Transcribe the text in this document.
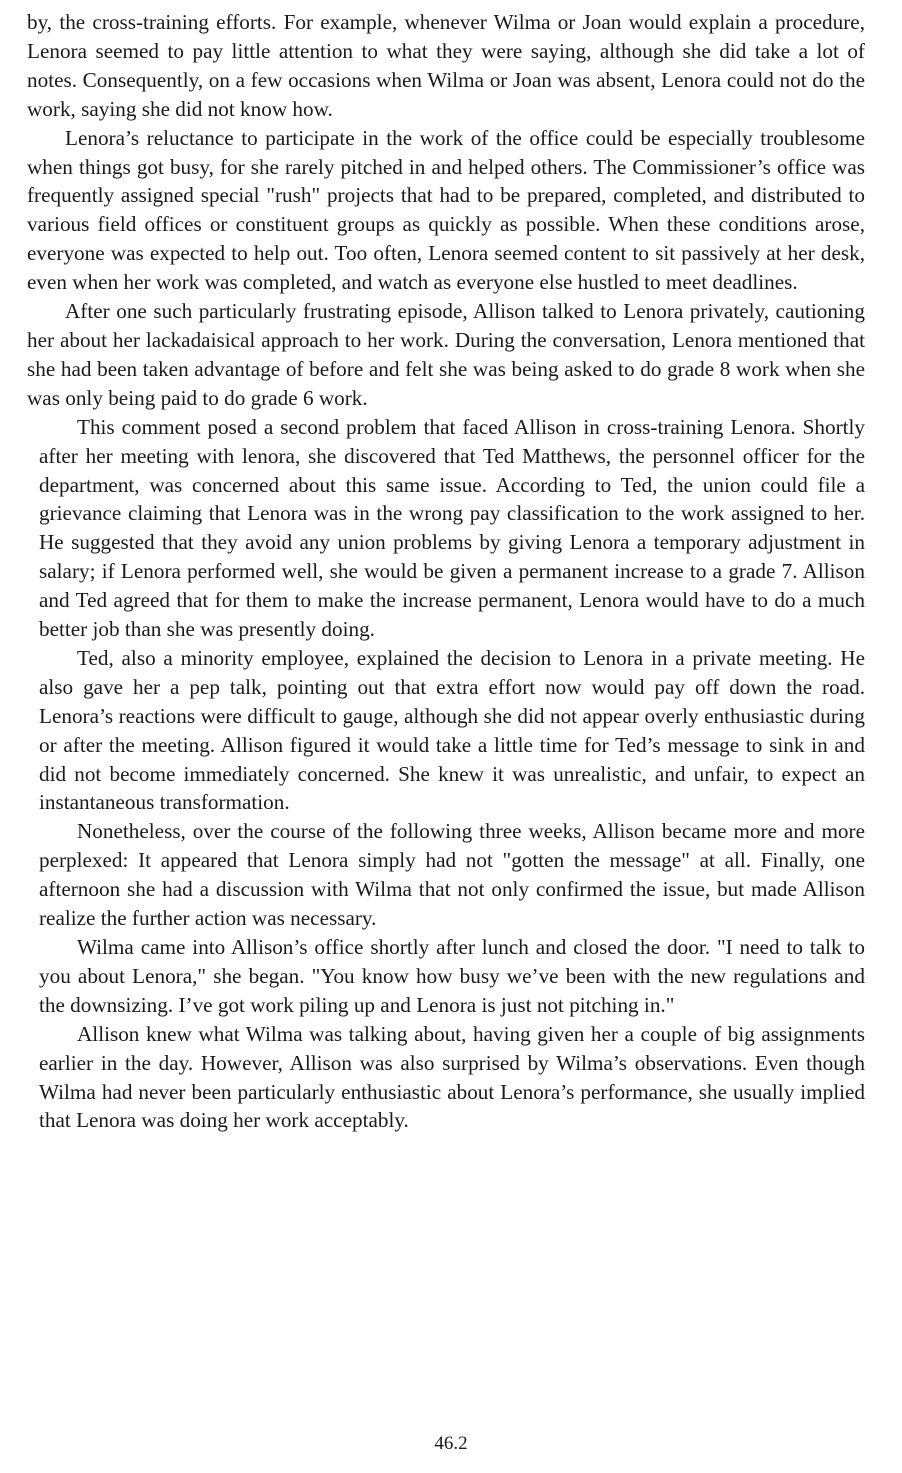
by, the cross-training efforts. For example, whenever Wilma or Joan would explain a procedure, Lenora seemed to pay little attention to what they were saying, although she did take a lot of notes. Consequently, on a few occasions when Wilma or Joan was absent, Lenora could not do the work, saying she did not know how.

Lenora’s reluctance to participate in the work of the office could be especially troublesome when things got busy, for she rarely pitched in and helped others. The Commissioner’s office was frequently assigned special "rush" projects that had to be prepared, completed, and distributed to various field offices or constituent groups as quickly as possible. When these conditions arose, everyone was expected to help out. Too often, Lenora seemed content to sit passively at her desk, even when her work was completed, and watch as everyone else hustled to meet deadlines.

After one such particularly frustrating episode, Allison talked to Lenora privately, cautioning her about her lackadaisical approach to her work. During the conversation, Lenora mentioned that she had been taken advantage of before and felt she was being asked to do grade 8 work when she was only being paid to do grade 6 work.

This comment posed a second problem that faced Allison in cross-training Lenora. Shortly after her meeting with lenora, she discovered that Ted Matthews, the personnel officer for the department, was concerned about this same issue. According to Ted, the union could file a grievance claiming that Lenora was in the wrong pay classification to the work assigned to her. He suggested that they avoid any union problems by giving Lenora a temporary adjustment in salary; if Lenora performed well, she would be given a permanent increase to a grade 7. Allison and Ted agreed that for them to make the increase permanent, Lenora would have to do a much better job than she was presently doing.

Ted, also a minority employee, explained the decision to Lenora in a private meeting. He also gave her a pep talk, pointing out that extra effort now would pay off down the road. Lenora’s reactions were difficult to gauge, although she did not appear overly enthusiastic during or after the meeting. Allison figured it would take a little time for Ted’s message to sink in and did not become immediately concerned. She knew it was unrealistic, and unfair, to expect an instantaneous transformation.

Nonetheless, over the course of the following three weeks, Allison became more and more perplexed: It appeared that Lenora simply had not "gotten the message" at all. Finally, one afternoon she had a discussion with Wilma that not only confirmed the issue, but made Allison realize the further action was necessary.

Wilma came into Allison’s office shortly after lunch and closed the door. "I need to talk to you about Lenora," she began. "You know how busy we’ve been with the new regulations and the downsizing. I’ve got work piling up and Lenora is just not pitching in."

Allison knew what Wilma was talking about, having given her a couple of big assignments earlier in the day. However, Allison was also surprised by Wilma’s observations. Even though Wilma had never been particularly enthusiastic about Lenora’s performance, she usually implied that Lenora was doing her work acceptably.

46.2
